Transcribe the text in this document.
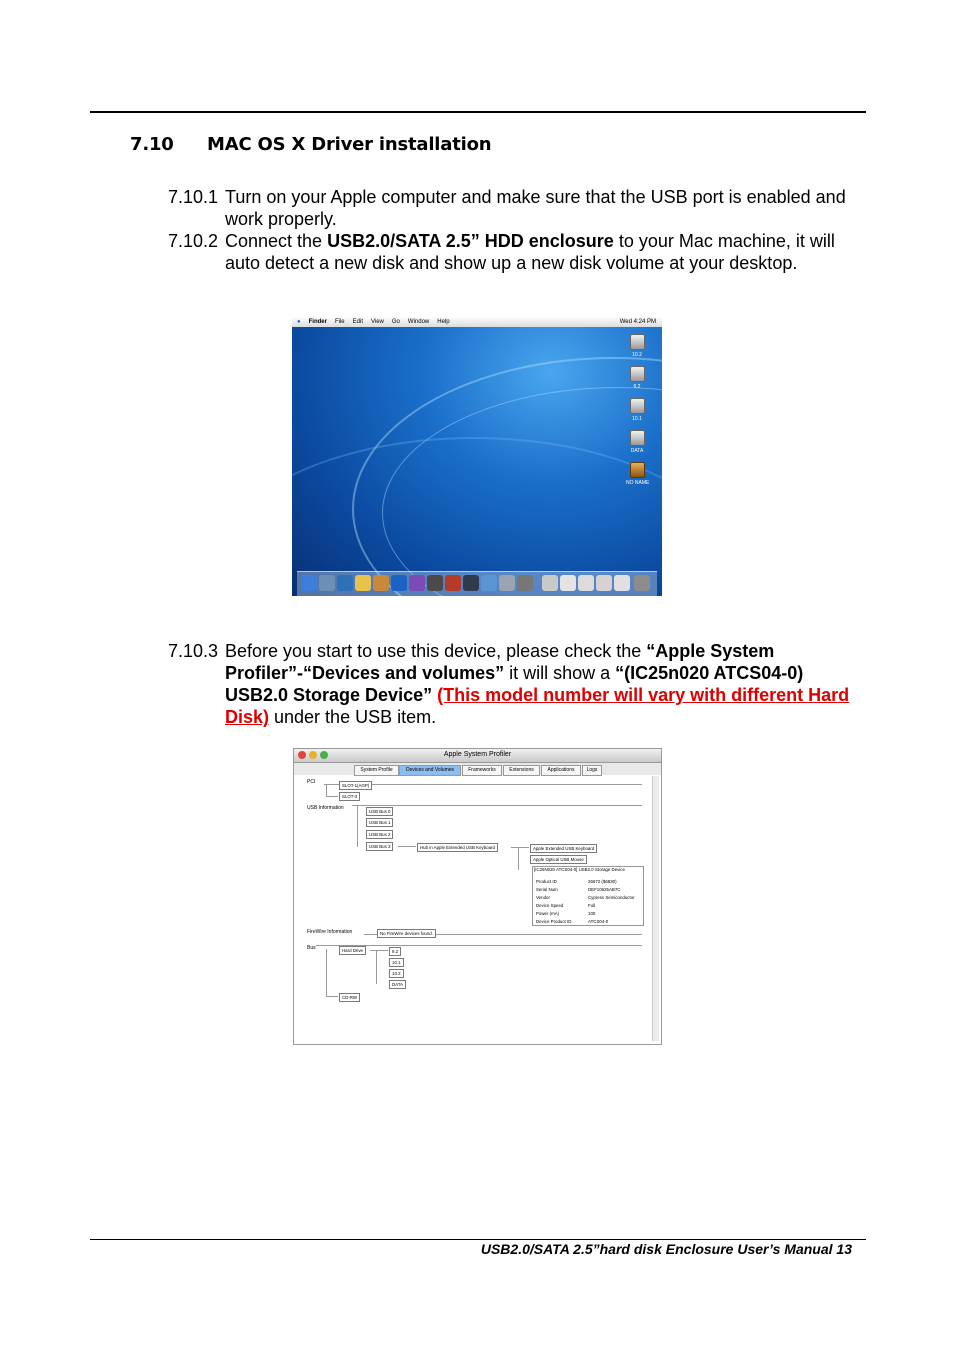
7.10 MAC OS X Driver installation
7.10.1 Turn on your Apple computer and make sure that the USB port is enabled and work properly.
7.10.2 Connect the USB2.0/SATA 2.5” HDD enclosure to your Mac machine, it will auto detect a new disk and show up a new disk volume at your desktop.
● Finder File Edit View Go Window Help	Wed 4:24 PM
10.2
9.2
10.1
DATA
NO NAME
7.10.3 Before you start to use this device, please check the “Apple System Profiler”-“Devices and volumes” it will show a “(IC25n020 ATCS04-0) USB2.0 Storage Device” (This model number will vary with different Hard Disk) under the USB item.
Apple System Profiler
System Profile	Devices and Volumes	Frameworks	Extensions	Applications	Logs
PCI
SLOT-1(AGP)
SLOT-3
USB Information
USB Bus 0
USB Bus 1
USB Bus 2
USB Bus 3	Hub in Apple Extended USB Keyboard	Apple Extended USB Keyboard
Apple Optical USB Mouse
[IC25N020 ATCS04-0] USB2.0 Storage Device
Product ID	26672 ($6830)
Serial Num	DEF10625AB7C
Vendor	Cypress Semiconductor
Device Speed	Full
Power (mA)	100
Device Product ID	ATCS04-0
FireWire Information	No FireWire devices found.
Bus	Hard Drive	9.2
10.1
10.2
DATA
CD-RW
USB2.0/SATA 2.5”hard disk Enclosure User’s Manual 13
